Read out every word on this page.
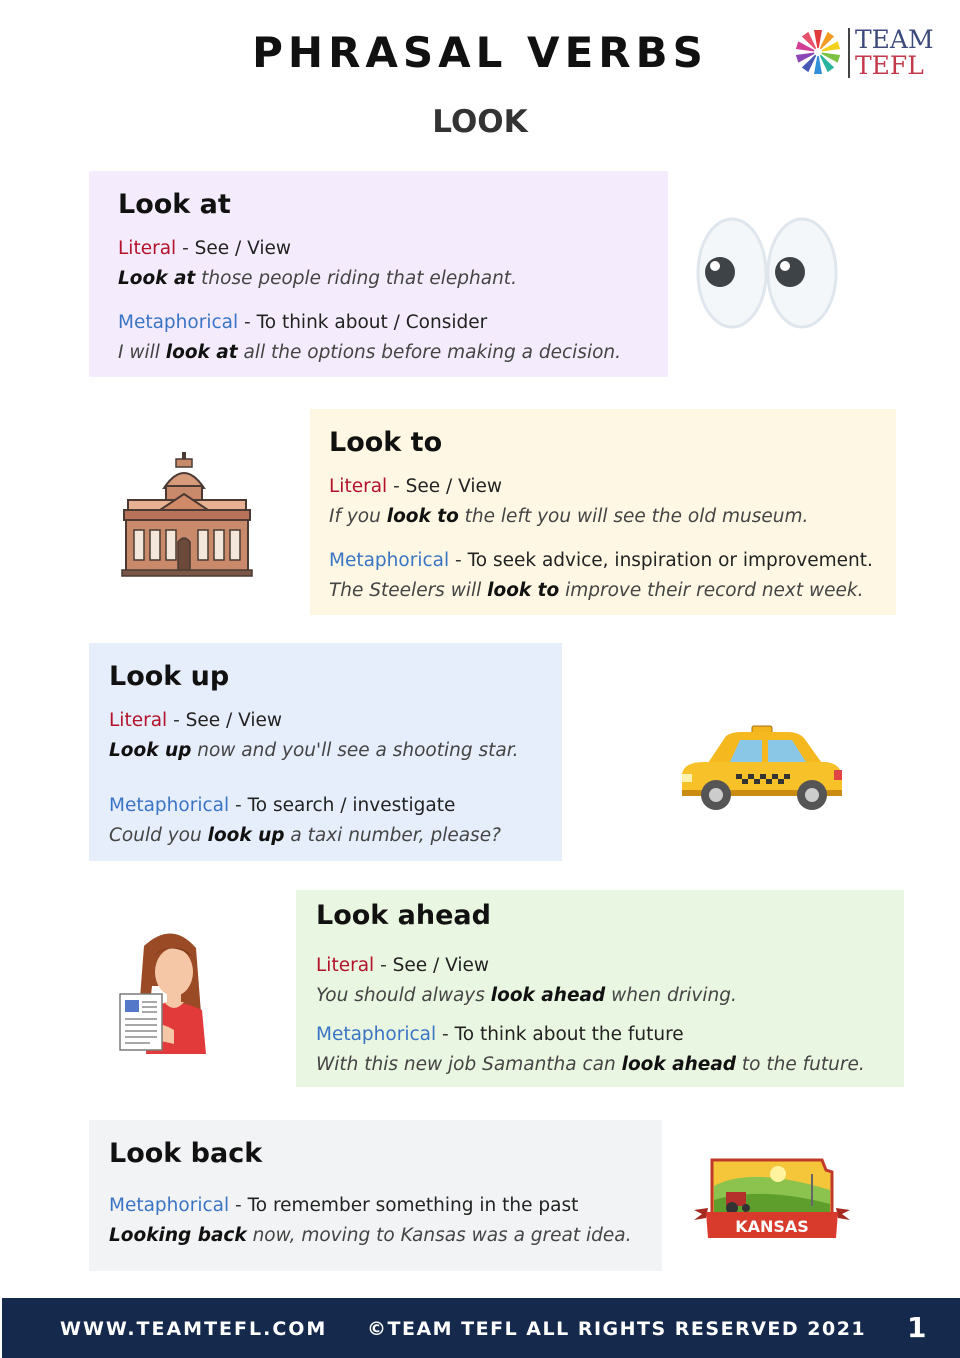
PHRASAL VERBS
LOOK
TEAM
TEFL
Look at
Literal - See / View
Look at those people riding that elephant.
Metaphorical - To think about / Consider
I will look at all the options before making a decision.
Look to
Literal - See / View
If you look to the left you will see the old museum.
Metaphorical - To seek advice, inspiration or improvement.
The Steelers will look to improve their record next week.
Look up
Literal - See / View
Look up now and you'll see a shooting star.
Metaphorical - To search / investigate
Could you look up a taxi number, please?
Look ahead
Literal - See / View
You should always look ahead when driving.
Metaphorical - To think about the future
With this new job Samantha can look ahead to the future.
Look back
Metaphorical - To remember something in the past
Looking back now, moving to Kansas was a great idea.	KANSAS
WWW.TEAMTEFL.COM ©TEAM TEFL ALL RIGHTS RESERVED 2021 1
